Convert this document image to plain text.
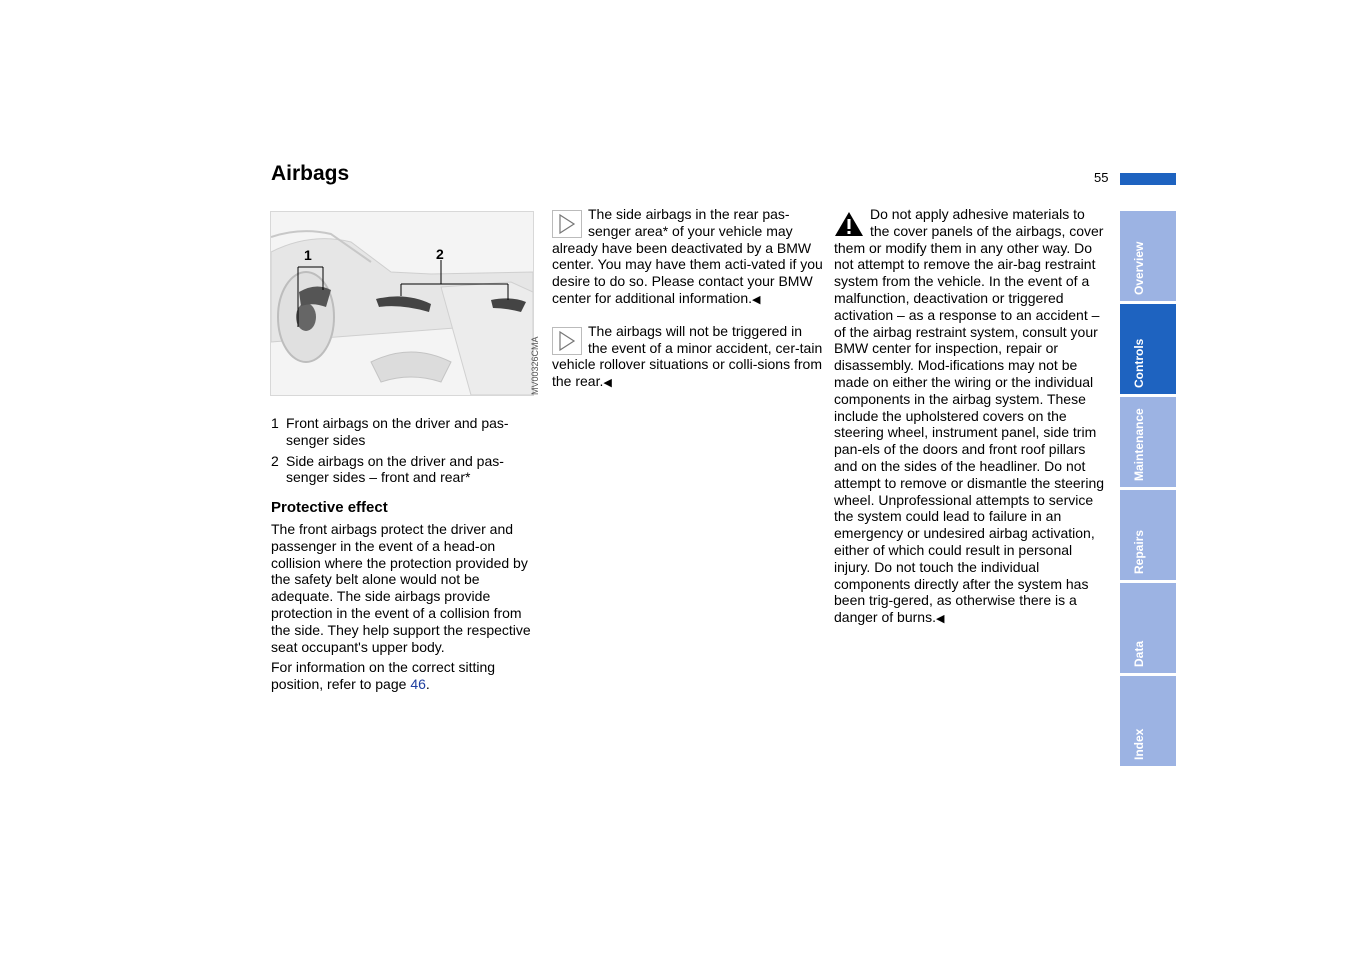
Airbags	55
Overview
Controls
Maintenance
Repairs
Data
Index
1	2
MV00326CMA
1 Front airbags on the driver and pas-senger sides
2 Side airbags on the driver and pas-senger sides – front and rear*
Protective effect

The front airbags protect the driver and passenger in the event of a head-on collision where the protection provided by the safety belt alone would not be adequate. The side airbags provide protection in the event of a collision from the side. They help support the respective seat occupant's upper body.

For information on the correct sitting position, refer to page 46.

The side airbags in the rear pas-senger area* of your vehicle may already have been deactivated by a BMW center. You may have them acti-vated if you desire to do so. Please contact your BMW center for additional information.◀
The airbags will not be triggered in the event of a minor accident, cer-tain vehicle rollover situations or colli-sions from the rear.◀
Do not apply adhesive materials to the cover panels of the airbags, cover them or modify them in any other way. Do not attempt to remove the air-bag restraint system from the vehicle. In the event of a malfunction, deactivation or triggered activation – as a response to an accident – of the airbag restraint system, consult your BMW center for inspection, repair or disassembly. Mod-ifications may not be made on either the wiring or the individual components in the airbag system. These include the upholstered covers on the steering wheel, instrument panel, side trim pan-els of the doors and front roof pillars and on the sides of the headliner. Do not attempt to remove or dismantle the steering wheel. Unprofessional attempts to service the system could lead to failure in an emergency or undesired airbag activation, either of which could result in personal injury. Do not touch the individual components directly after the system has been trig-gered, as otherwise there is a danger of burns.◀
